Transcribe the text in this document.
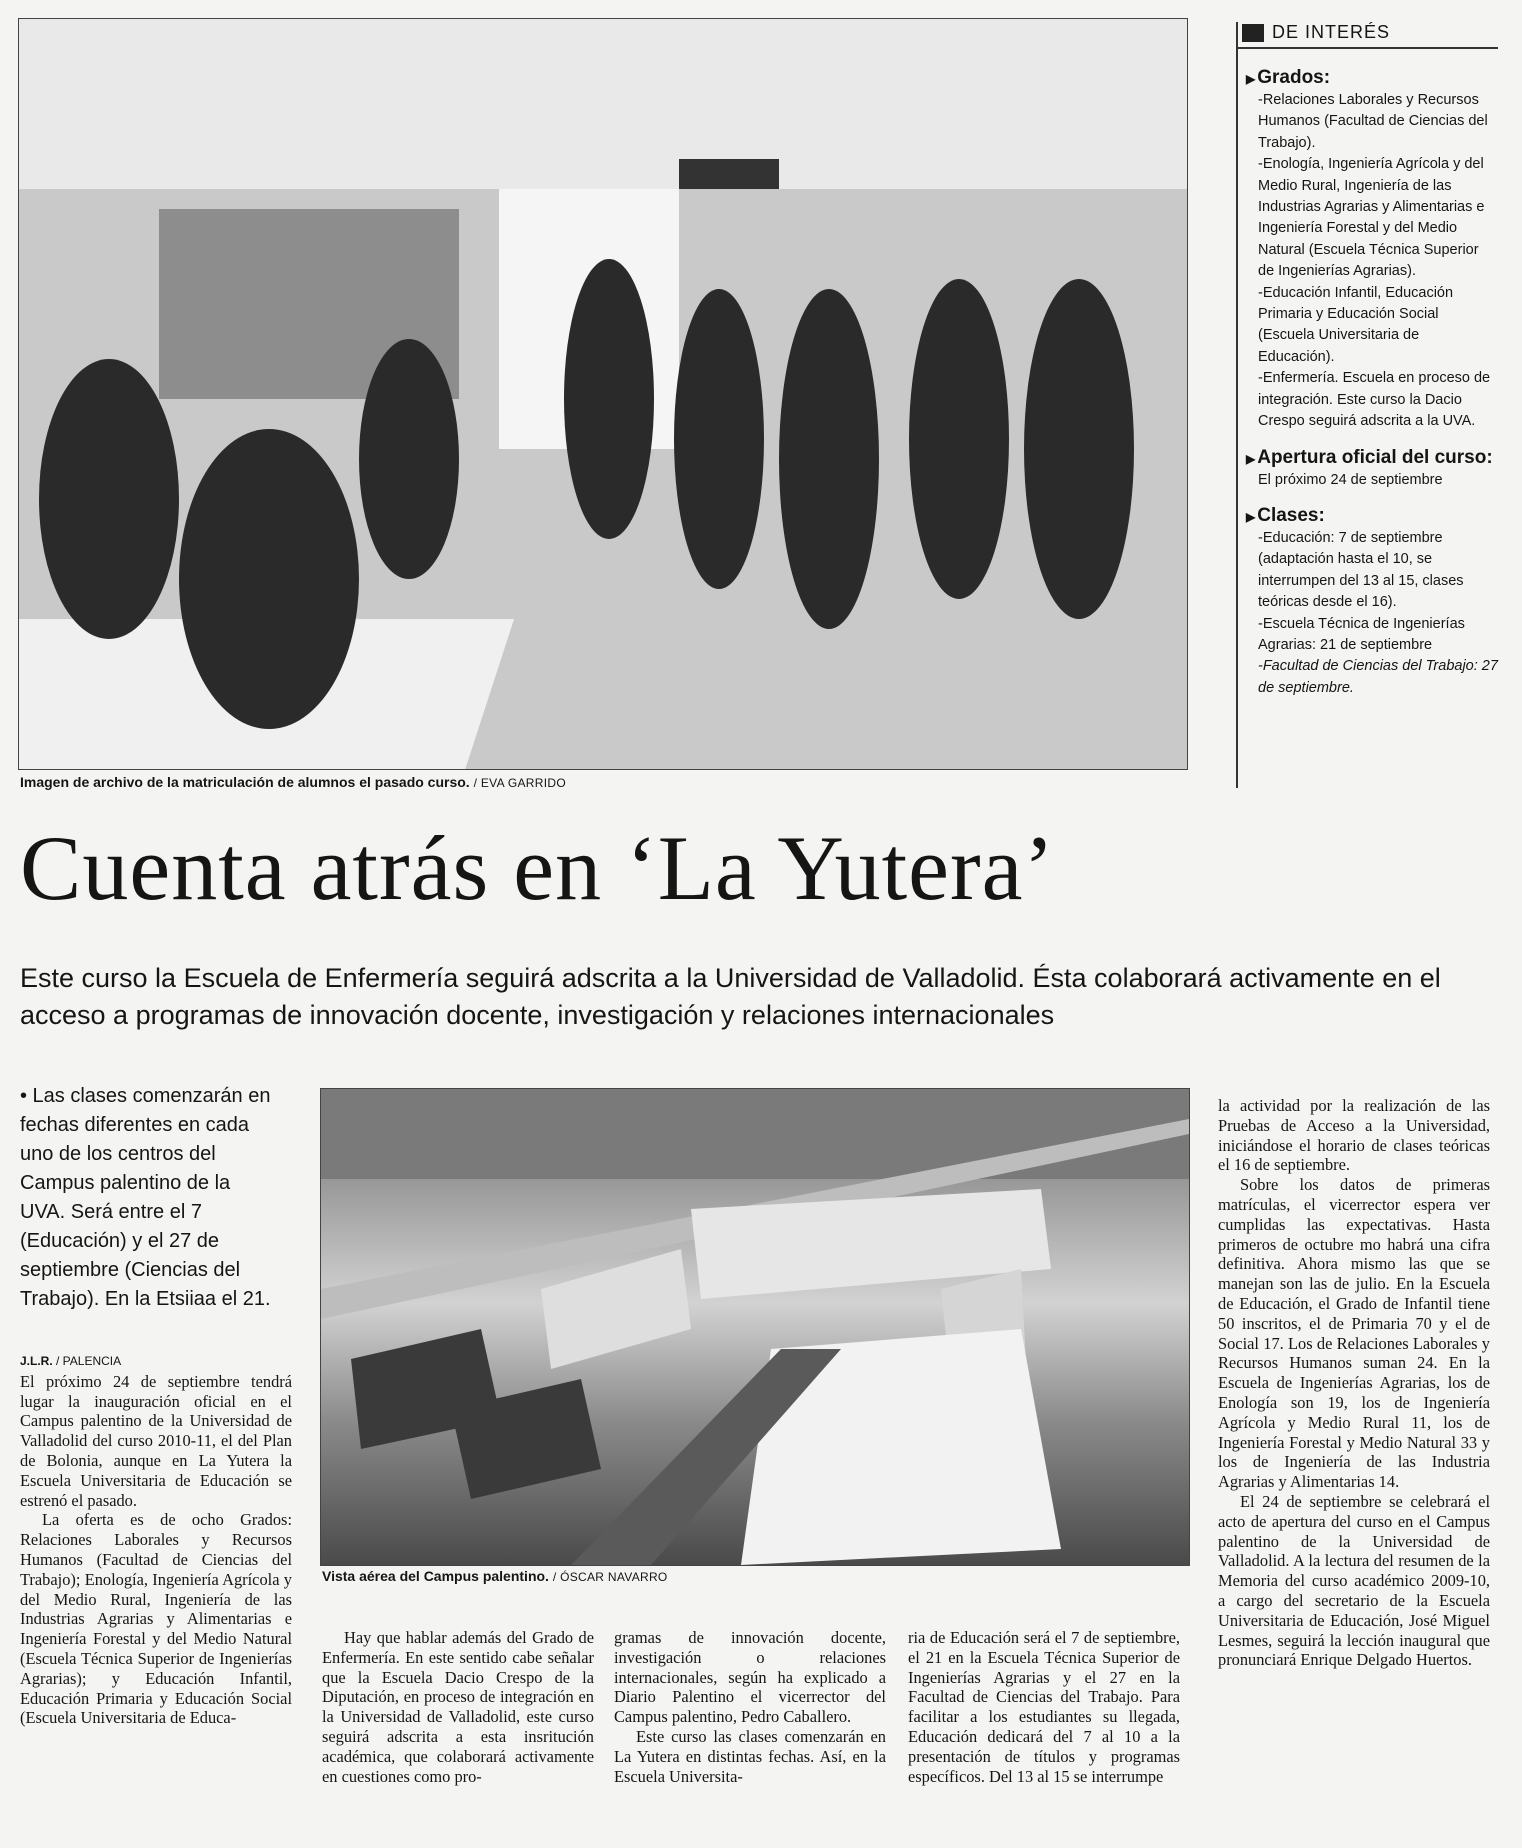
Imagen de archivo de la matriculación de alumnos el pasado curso. / EVA GARRIDO
DE INTERÉS
▶ Grados:

-Relaciones Laborales y Recursos Humanos (Facultad de Ciencias del Trabajo).

-Enología, Ingeniería Agrícola y del Medio Rural, Ingeniería de las Industrias Agrarias y Alimentarias e Ingeniería Forestal y del Medio Natural (Escuela Técnica Superior de Ingenierías Agrarias).

-Educación Infantil, Educación Primaria y Educación Social (Escuela Universitaria de Educación).

-Enfermería. Escuela en proceso de integración. Este curso la Dacio Crespo seguirá adscrita a la UVA.

▶ Apertura oficial del curso:

El próximo 24 de septiembre

▶ Clases:

-Educación: 7 de septiembre (adaptación hasta el 10, se interrumpen del 13 al 15, clases teóricas desde el 16).

-Escuela Técnica de Ingenierías Agrarias: 21 de septiembre

-Facultad de Ciencias del Trabajo: 27 de septiembre.

Cuenta atrás en ‘La Yutera’
Este curso la Escuela de Enfermería seguirá adscrita a la Universidad de Valladolid. Ésta colaborará activamente en el acceso a programas de innovación docente, investigación y relaciones internacionales
• Las clases comenzarán en fechas diferentes en cada uno de los centros del Campus palentino de la UVA. Será entre el 7 (Educación) y el 27 de septiembre (Ciencias del Trabajo). En la Etsiiaa el 21.
J.L.R. / PALENCIA

El próximo 24 de septiembre tendrá lugar la inauguración oficial en el Campus palentino de la Universidad de Valladolid del curso 2010-11, el del Plan de Bolonia, aunque en La Yutera la Escuela Universitaria de Educación se estrenó el pasado.

La oferta es de ocho Grados: Relaciones Laborales y Recursos Humanos (Facultad de Ciencias del Trabajo); Enología, Ingeniería Agrícola y del Medio Rural, Ingeniería de las Industrias Agrarias y Alimentarias e Ingeniería Forestal y del Medio Natural (Escuela Técnica Superior de Ingenierías Agrarias); y Educación Infantil, Educación Primaria y Educación Social (Escuela Universitaria de Educa-

Vista aérea del Campus palentino. / ÓSCAR NAVARRO

Hay que hablar además del Grado de Enfermería. En este sentido cabe señalar que la Escuela Dacio Crespo de la Diputación, en proceso de integración en la Universidad de Valladolid, este curso seguirá adscrita a esta insritución académica, que colaborará activamente en cuestiones como pro-

gramas de innovación docente, investigación o relaciones internacionales, según ha explicado a Diario Palentino el vicerrector del Campus palentino, Pedro Caballero.

Este curso las clases comenzarán en La Yutera en distintas fechas. Así, en la Escuela Universita-

ria de Educación será el 7 de septiembre, el 21 en la Escuela Técnica Superior de Ingenierías Agrarias y el 27 en la Facultad de Ciencias del Trabajo. Para facilitar a los estudiantes su llegada, Educación dedicará del 7 al 10 a la presentación de títulos y programas específicos. Del 13 al 15 se interrumpe

la actividad por la realización de las Pruebas de Acceso a la Universidad, iniciándose el horario de clases teóricas el 16 de septiembre.

Sobre los datos de primeras matrículas, el vicerrector espera ver cumplidas las expectativas. Hasta primeros de octubre mo habrá una cifra definitiva. Ahora mismo las que se manejan son las de julio. En la Escuela de Educación, el Grado de Infantil tiene 50 inscritos, el de Primaria 70 y el de Social 17. Los de Relaciones Laborales y Recursos Humanos suman 24. En la Escuela de Ingenierías Agrarias, los de Enología son 19, los de Ingeniería Agrícola y Medio Rural 11, los de Ingeniería Forestal y Medio Natural 33 y los de Ingeniería de las Industria Agrarias y Alimentarias 14.

El 24 de septiembre se celebrará el acto de apertura del curso en el Campus palentino de la Universidad de Valladolid. A la lectura del resumen de la Memoria del curso académico 2009-10, a cargo del secretario de la Escuela Universitaria de Educación, José Miguel Lesmes, seguirá la lección inaugural que pronunciará Enrique Delgado Huertos.
